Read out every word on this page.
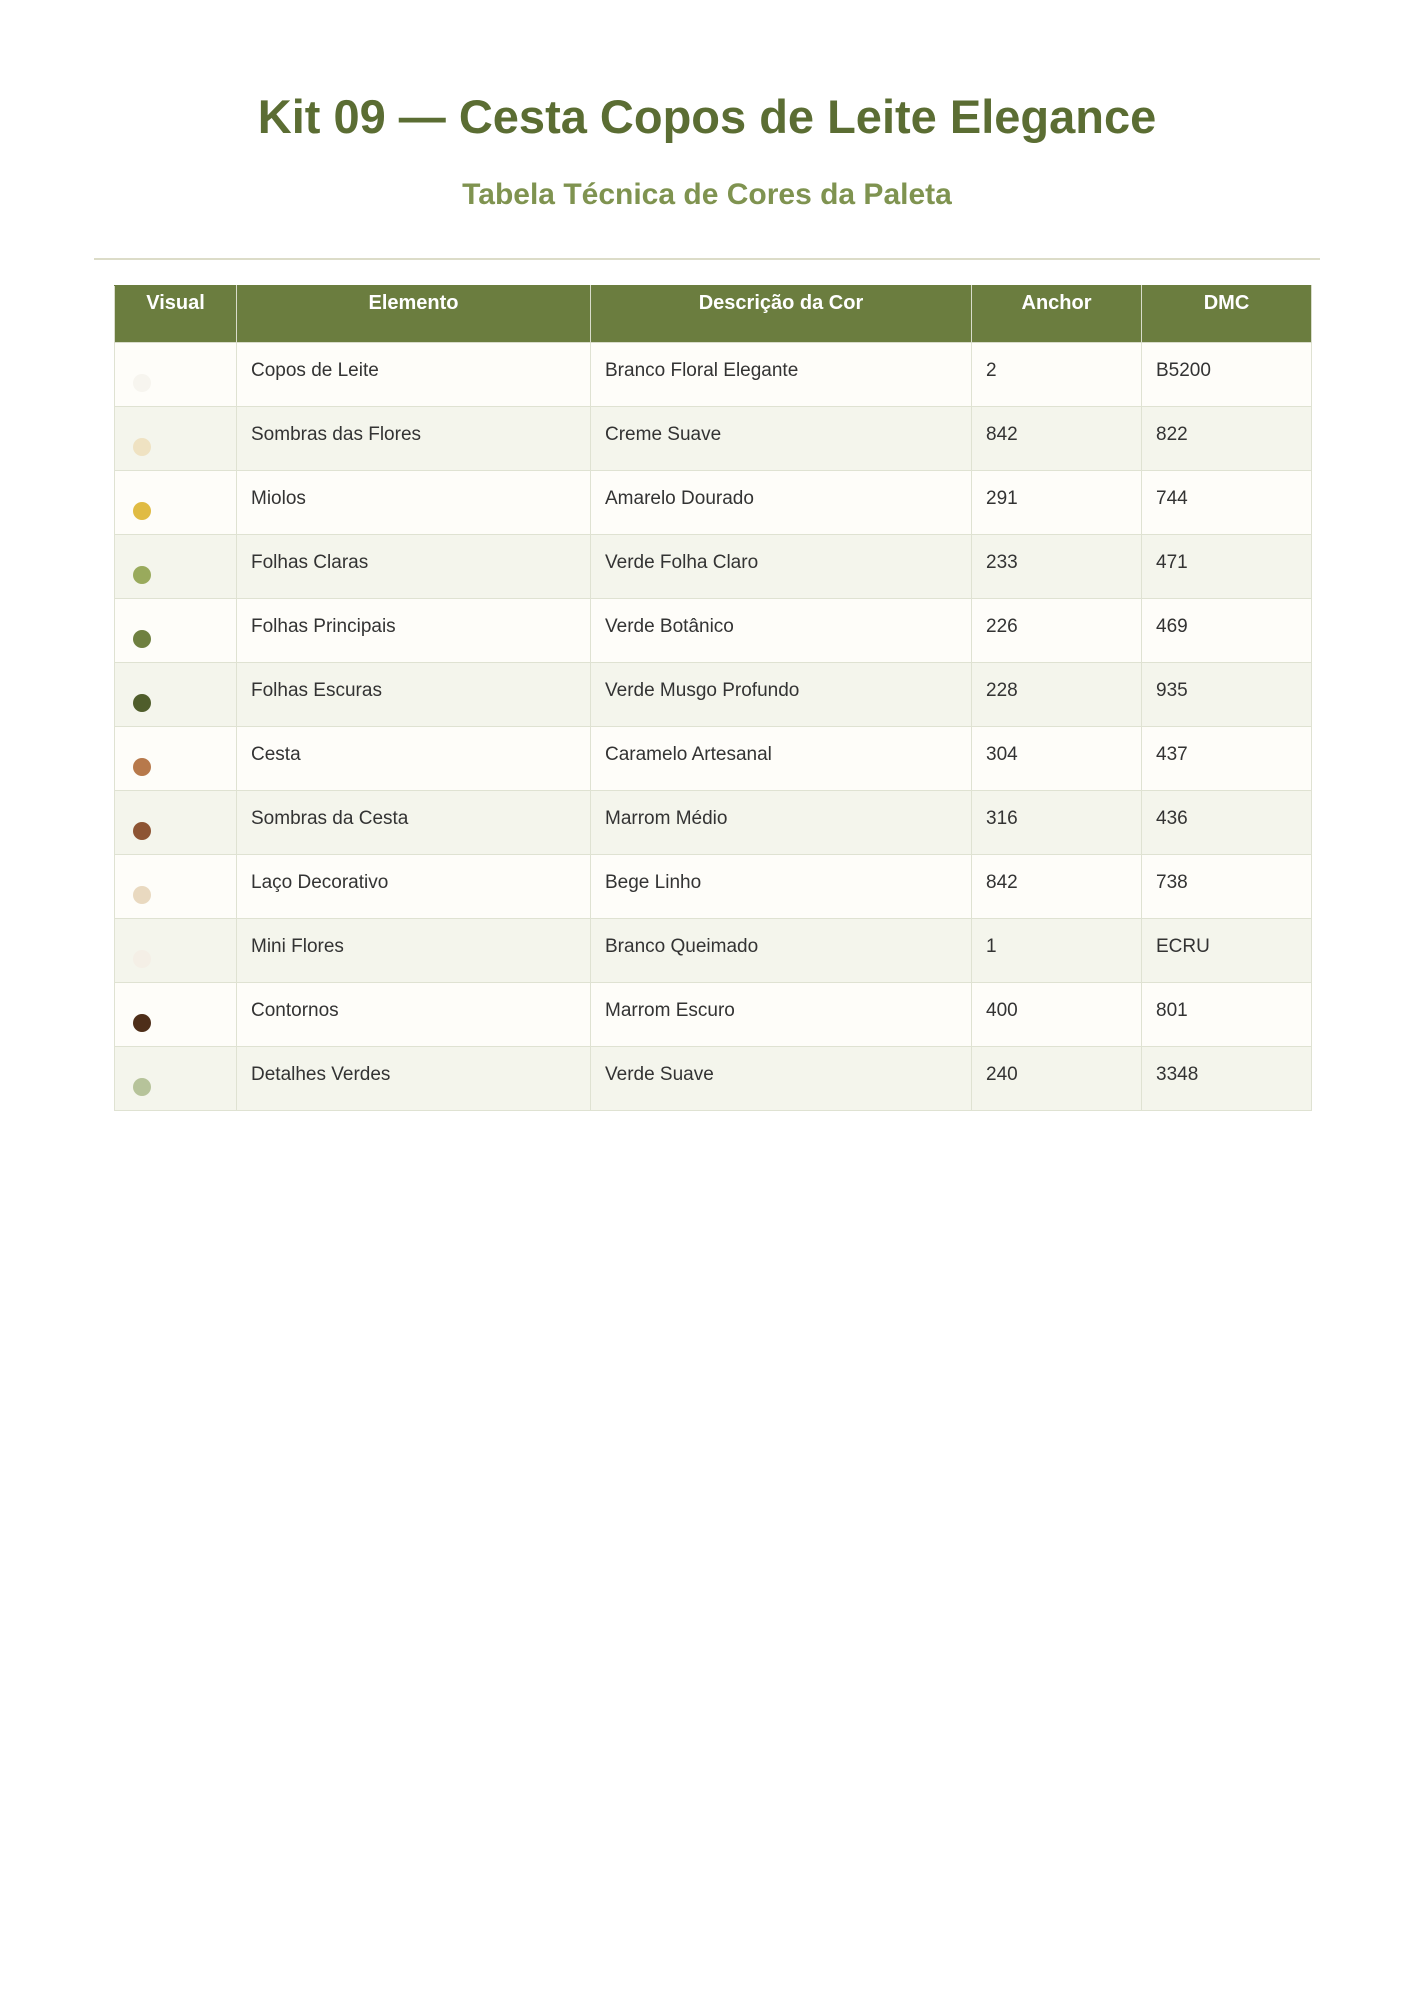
Kit 09 — Cesta Copos de Leite Elegance
Tabela Técnica de Cores da Paleta
Visual	Elemento	Descrição da Cor	Anchor	DMC

	Copos de Leite	Branco Floral Elegante	2	B5200

	Sombras das Flores	Creme Suave	842	822

	Miolos	Amarelo Dourado	291	744

	Folhas Claras	Verde Folha Claro	233	471

	Folhas Principais	Verde Botânico	226	469

	Folhas Escuras	Verde Musgo Profundo	228	935

	Cesta	Caramelo Artesanal	304	437

	Sombras da Cesta	Marrom Médio	316	436

	Laço Decorativo	Bege Linho	842	738

	Mini Flores	Branco Queimado	1	ECRU

	Contornos	Marrom Escuro	400	801

	Detalhes Verdes	Verde Suave	240	3348
